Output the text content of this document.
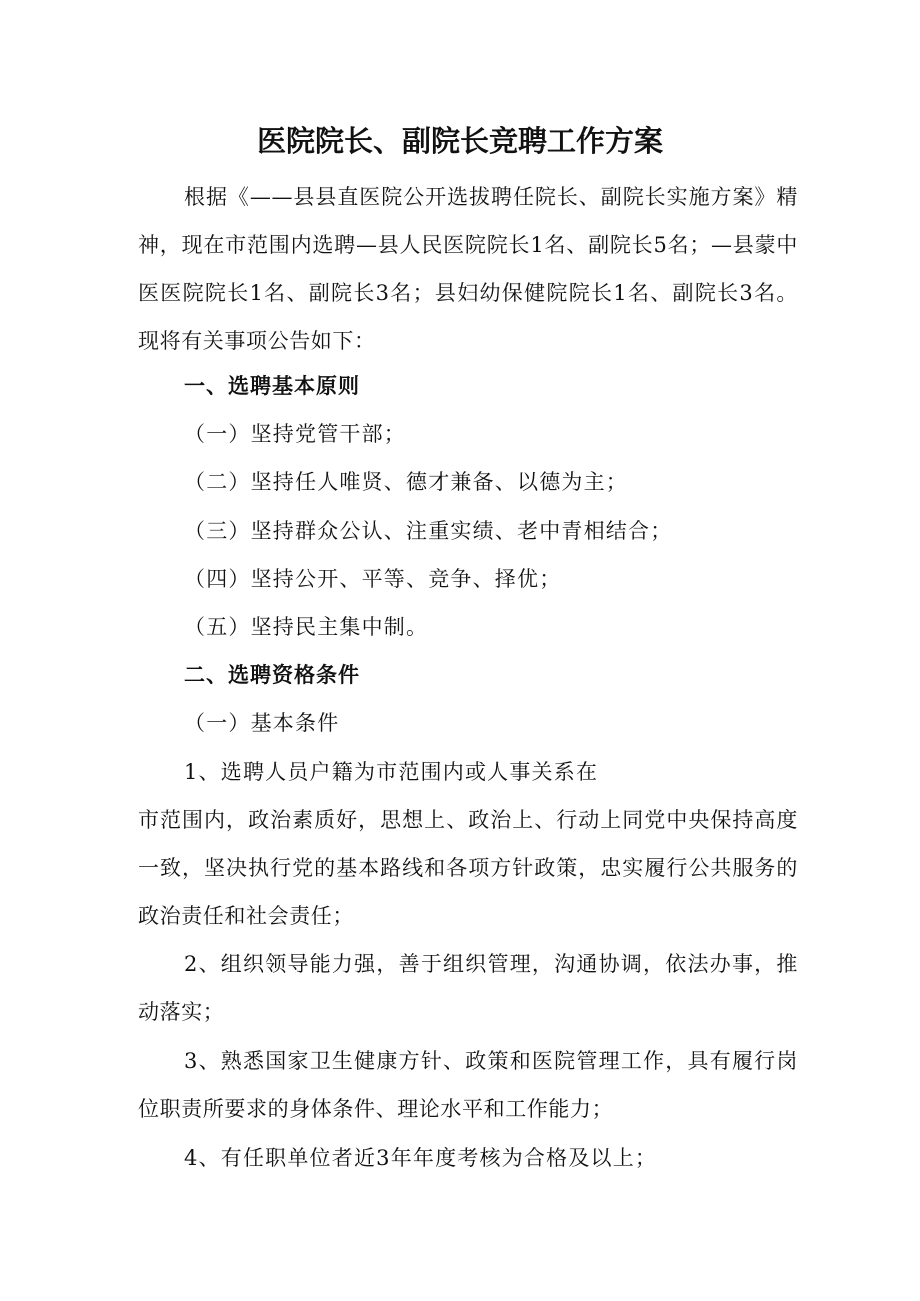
医院院长、副院长竞聘工作方案

根据《——县县直医院公开选拔聘任院长、副院长实施方案》精神，现在市范围内选聘—县人民医院院长1名、副院长5名；—县蒙中医医院院长1名、副院长3名；县妇幼保健院院长1名、副院长3名。现将有关事项公告如下：

一、选聘基本原则

（一）坚持党管干部；

（二）坚持任人唯贤、德才兼备、以德为主；

（三）坚持群众公认、注重实绩、老中青相结合；

（四）坚持公开、平等、竞争、择优；

（五）坚持民主集中制。

二、选聘资格条件

（一）基本条件

1、选聘人员户籍为市范围内或人事关系在

市范围内，政治素质好，思想上、政治上、行动上同党中央保持高度一致，坚决执行党的基本路线和各项方针政策，忠实履行公共服务的政治责任和社会责任；

2、组织领导能力强，善于组织管理，沟通协调，依法办事，推动落实；

3、熟悉国家卫生健康方针、政策和医院管理工作，具有履行岗位职责所要求的身体条件、理论水平和工作能力；

4、有任职单位者近3年年度考核为合格及以上；
